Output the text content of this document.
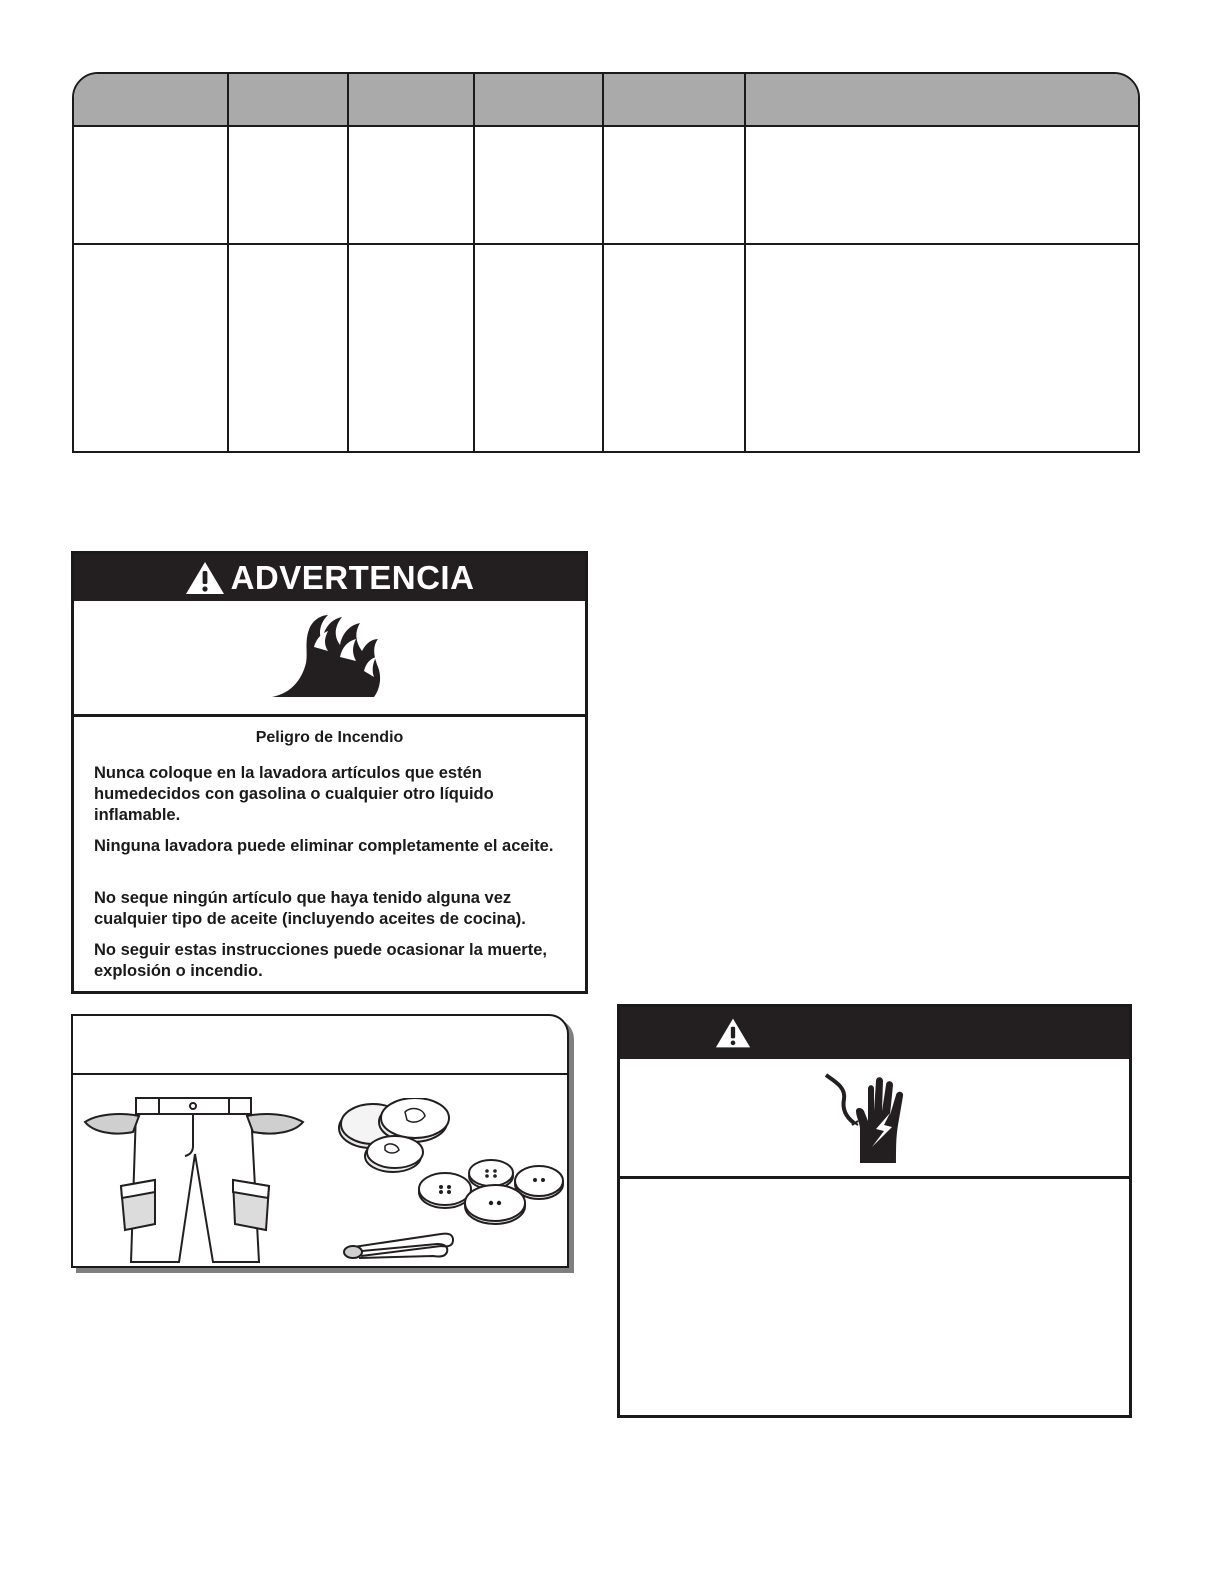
ADVERTENCIA
Peligro de Incendio

Nunca coloque en la lavadora artículos que estén humedecidos con gasolina o cualquier otro líquido inflamable.

Ninguna lavadora puede eliminar completamente el aceite.

No seque ningún artículo que haya tenido alguna vez cualquier tipo de aceite (incluyendo aceites de cocina).

No seguir estas instrucciones puede ocasionar la muerte, explosión o incendio.
